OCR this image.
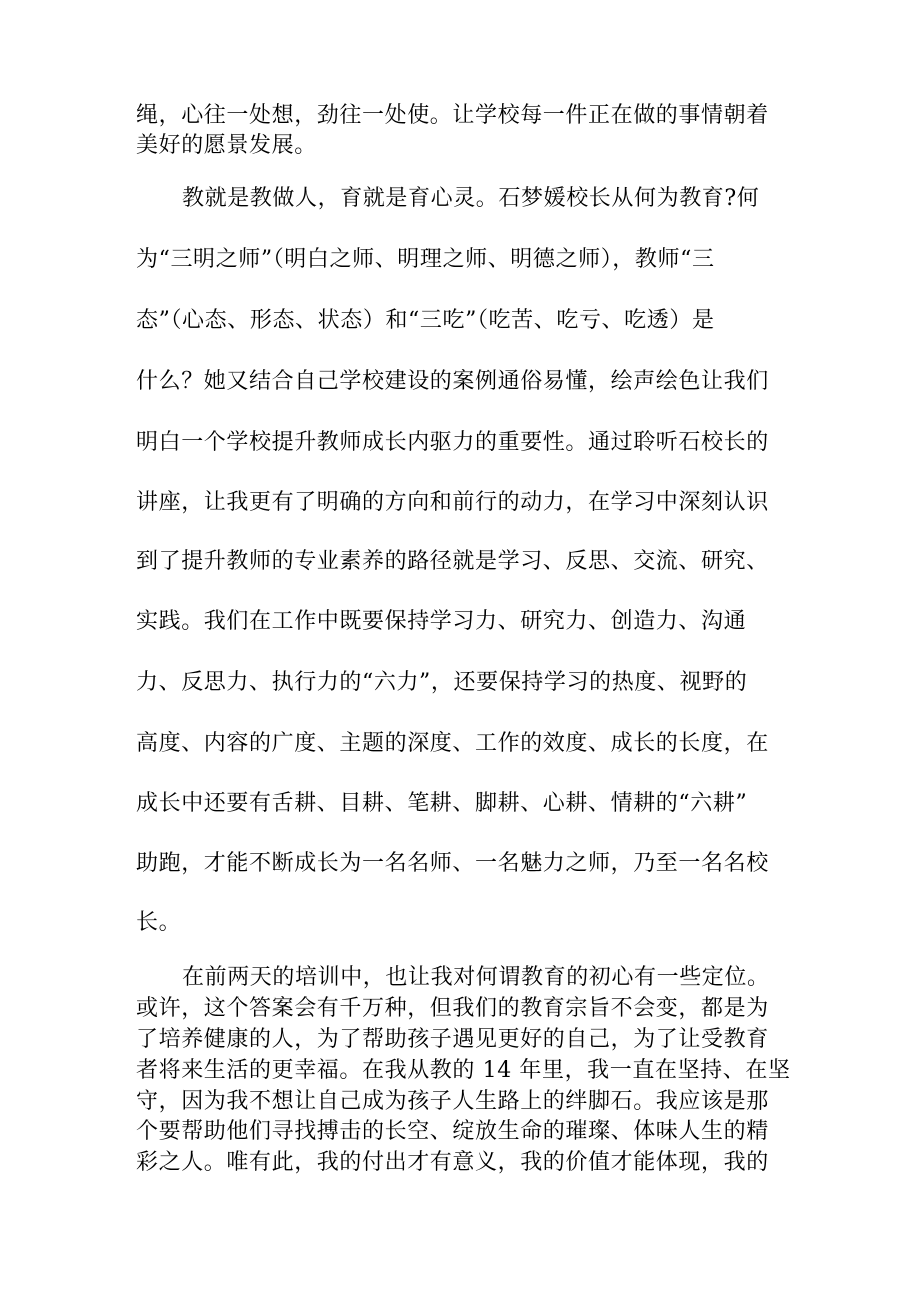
绳，心往一处想，劲往一处使。让学校每一件正在做的事情朝着
美好的愿景发展。
教就是教做人，育就是育心灵。石梦媛校长从何为教育?何
为“三明之师”（明白之师、明理之师、明德之师），教师“三
态”（心态、形态、状态）和“三吃”（吃苦、吃亏、吃透）是
什么？她又结合自己学校建设的案例通俗易懂，绘声绘色让我们
明白一个学校提升教师成长内驱力的重要性。通过聆听石校长的
讲座，让我更有了明确的方向和前行的动力，在学习中深刻认识
到了提升教师的专业素养的路径就是学习、反思、交流、研究、
实践。我们在工作中既要保持学习力、研究力、创造力、沟通
力、反思力、执行力的“六力”，还要保持学习的热度、视野的
高度、内容的广度、主题的深度、工作的效度、成长的长度，在
成长中还要有舌耕、目耕、笔耕、脚耕、心耕、情耕的“六耕”
助跑，才能不断成长为一名名师、一名魅力之师，乃至一名名校
长。
在前两天的培训中，也让我对何谓教育的初心有一些定位。
或许，这个答案会有千万种，但我们的教育宗旨不会变，都是为
了培养健康的人，为了帮助孩子遇见更好的自己，为了让受教育
者将来生活的更幸福。在我从教的 14 年里，我一直在坚持、在坚
守，因为我不想让自己成为孩子人生路上的绊脚石。我应该是那
个要帮助他们寻找搏击的长空、绽放生命的璀璨、体味人生的精
彩之人。唯有此，我的付出才有意义，我的价值才能体现，我的
